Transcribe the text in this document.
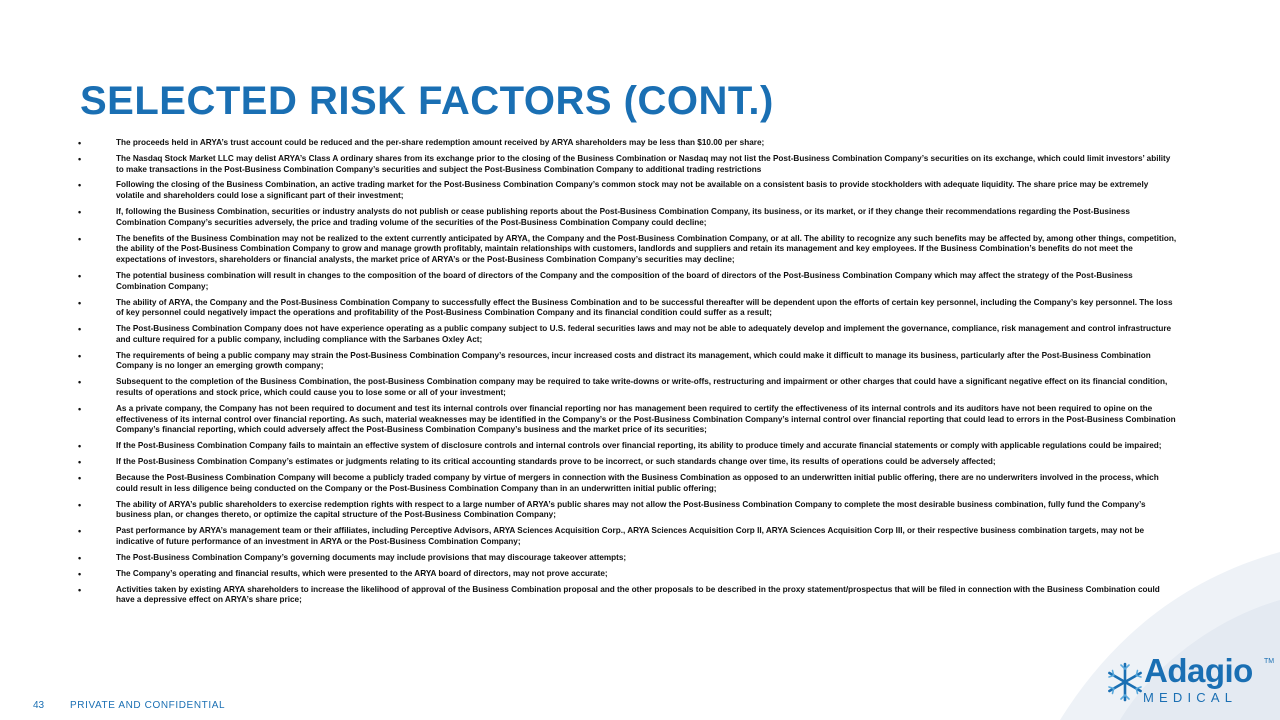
SELECTED RISK FACTORS (CONT.)
•	The proceeds held in ARYA’s trust account could be reduced and the per-share redemption amount received by ARYA shareholders may be less than $10.00 per share;
•	The Nasdaq Stock Market LLC may delist ARYA’s Class A ordinary shares from its exchange prior to the closing of the Business Combination or Nasdaq may not list the Post-Business Combination Company’s securities on its exchange, which could limit investors’ ability to make transactions in the Post-Business Combination Company’s securities and subject the Post-Business Combination Company to additional trading restrictions
•	Following the closing of the Business Combination, an active trading market for the Post-Business Combination Company’s common stock may not be available on a consistent basis to provide stockholders with adequate liquidity. The share price may be extremely volatile and shareholders could lose a significant part of their investment;
•	If, following the Business Combination, securities or industry analysts do not publish or cease publishing reports about the Post-Business Combination Company, its business, or its market, or if they change their recommendations regarding the Post-Business Combination Company’s securities adversely, the price and trading volume of the securities of the Post-Business Combination Company could decline;
•	The benefits of the Business Combination may not be realized to the extent currently anticipated by ARYA, the Company and the Post-Business Combination Company, or at all. The ability to recognize any such benefits may be affected by, among other things, competition, the ability of the Post-Business Combination Company to grow and manage growth profitably, maintain relationships with customers, landlords and suppliers and retain its management and key employees. If the Business Combination’s benefits do not meet the expectations of investors, shareholders or financial analysts, the market price of ARYA’s or the Post-Business Combination Company’s securities may decline;
•	The potential business combination will result in changes to the composition of the board of directors of the Company and the composition of the board of directors of the Post-Business Combination Company which may affect the strategy of the Post-Business Combination Company;
•	The ability of ARYA, the Company and the Post-Business Combination Company to successfully effect the Business Combination and to be successful thereafter will be dependent upon the efforts of certain key personnel, including the Company’s key personnel. The loss of key personnel could negatively impact the operations and profitability of the Post-Business Combination Company and its financial condition could suffer as a result;
•	The Post-Business Combination Company does not have experience operating as a public company subject to U.S. federal securities laws and may not be able to adequately develop and implement the governance, compliance, risk management and control infrastructure and culture required for a public company, including compliance with the Sarbanes Oxley Act;
•	The requirements of being a public company may strain the Post-Business Combination Company’s resources, incur increased costs and distract its management, which could make it difficult to manage its business, particularly after the Post-Business Combination Company is no longer an emerging growth company;
•	Subsequent to the completion of the Business Combination, the post-Business Combination company may be required to take write-downs or write-offs, restructuring and impairment or other charges that could have a significant negative effect on its financial condition, results of operations and stock price, which could cause you to lose some or all of your investment;
•	As a private company, the Company has not been required to document and test its internal controls over financial reporting nor has management been required to certify the effectiveness of its internal controls and its auditors have not been required to opine on the effectiveness of its internal control over financial reporting. As such, material weaknesses may be identified in the Company’s or the Post-Business Combination Company’s internal control over financial reporting that could lead to errors in the Post-Business Combination Company’s financial reporting, which could adversely affect the Post-Business Combination Company’s business and the market price of its securities;
•	If the Post-Business Combination Company fails to maintain an effective system of disclosure controls and internal controls over financial reporting, its ability to produce timely and accurate financial statements or comply with applicable regulations could be impaired;
•	If the Post-Business Combination Company’s estimates or judgments relating to its critical accounting standards prove to be incorrect, or such standards change over time, its results of operations could be adversely affected;
•	Because the Post-Business Combination Company will become a publicly traded company by virtue of mergers in connection with the Business Combination as opposed to an underwritten initial public offering, there are no underwriters involved in the process, which could result in less diligence being conducted on the Company or the Post-Business Combination Company than in an underwritten initial public offering;
•	The ability of ARYA’s public shareholders to exercise redemption rights with respect to a large number of ARYA’s public shares may not allow the Post-Business Combination Company to complete the most desirable business combination, fully fund the Company’s business plan, or changes thereto, or optimize the capital structure of the Post-Business Combination Company;
•	Past performance by ARYA’s management team or their affiliates, including Perceptive Advisors, ARYA Sciences Acquisition Corp., ARYA Sciences Acquisition Corp II, ARYA Sciences Acquisition Corp III, or their respective business combination targets, may not be indicative of future performance of an investment in ARYA or the Post-Business Combination Company;
•	The Post-Business Combination Company’s governing documents may include provisions that may discourage takeover attempts;
•	The Company’s operating and financial results, which were presented to the ARYA board of directors, may not prove accurate;
•	Activities taken by existing ARYA shareholders to increase the likelihood of approval of the Business Combination proposal and the other proposals to be described in the proxy statement/prospectus that will be filed in connection with the Business Combination could have a depressive effect on ARYA’s share price;
43	PRIVATE AND CONFIDENTIAL
Adagio TM
MEDICAL
